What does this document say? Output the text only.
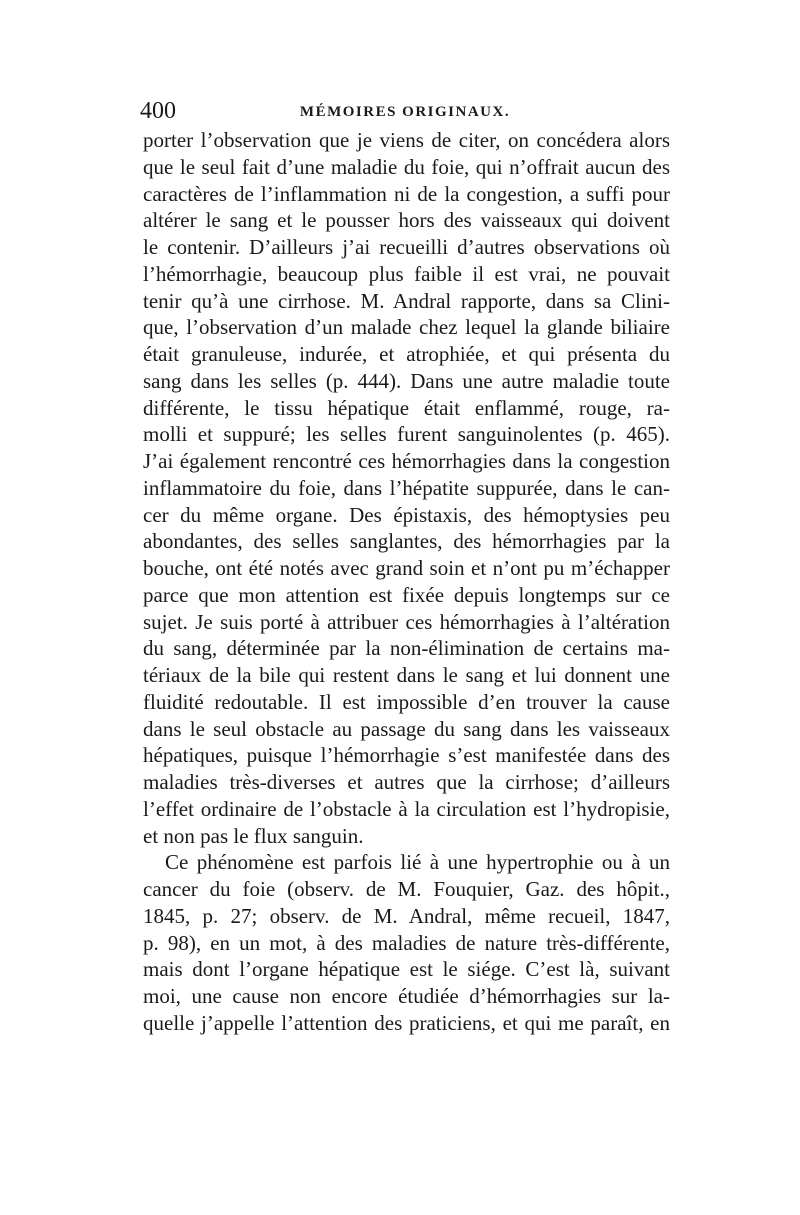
400	MÉMOIRES ORIGINAUX.
porter l’observation que je viens de citer, on concédera alors
que le seul fait d’une maladie du foie, qui n’offrait aucun des
caractères de l’inflammation ni de la congestion, a suffi pour
altérer le sang et le pousser hors des vaisseaux qui doivent
le contenir. D’ailleurs j’ai recueilli d’autres observations où
l’hémorrhagie, beaucoup plus faible il est vrai, ne pouvait
tenir qu’à une cirrhose. M. Andral rapporte, dans sa Clini-
que, l’observation d’un malade chez lequel la glande biliaire
était granuleuse, indurée, et atrophiée, et qui présenta du
sang dans les selles (p. 444). Dans une autre maladie toute
différente, le tissu hépatique était enflammé, rouge, ra-
molli et suppuré; les selles furent sanguinolentes (p. 465).
J’ai également rencontré ces hémorrhagies dans la congestion
inflammatoire du foie, dans l’hépatite suppurée, dans le can-
cer du même organe. Des épistaxis, des hémoptysies peu
abondantes, des selles sanglantes, des hémorrhagies par la
bouche, ont été notés avec grand soin et n’ont pu m’échapper
parce que mon attention est fixée depuis longtemps sur ce
sujet. Je suis porté à attribuer ces hémorrhagies à l’altération
du sang, déterminée par la non-élimination de certains ma-
tériaux de la bile qui restent dans le sang et lui donnent une
fluidité redoutable. Il est impossible d’en trouver la cause
dans le seul obstacle au passage du sang dans les vaisseaux
hépatiques, puisque l’hémorrhagie s’est manifestée dans des
maladies très-diverses et autres que la cirrhose; d’ailleurs
l’effet ordinaire de l’obstacle à la circulation est l’hydropisie,
et non pas le flux sanguin.
Ce phénomène est parfois lié à une hypertrophie ou à un
cancer du foie (observ. de M. Fouquier, Gaz. des hôpit.,
1845, p. 27; observ. de M. Andral, même recueil, 1847,
p. 98), en un mot, à des maladies de nature très-différente,
mais dont l’organe hépatique est le siége. C’est là, suivant
moi, une cause non encore étudiée d’hémorrhagies sur la-
quelle j’appelle l’attention des praticiens, et qui me paraît, en
